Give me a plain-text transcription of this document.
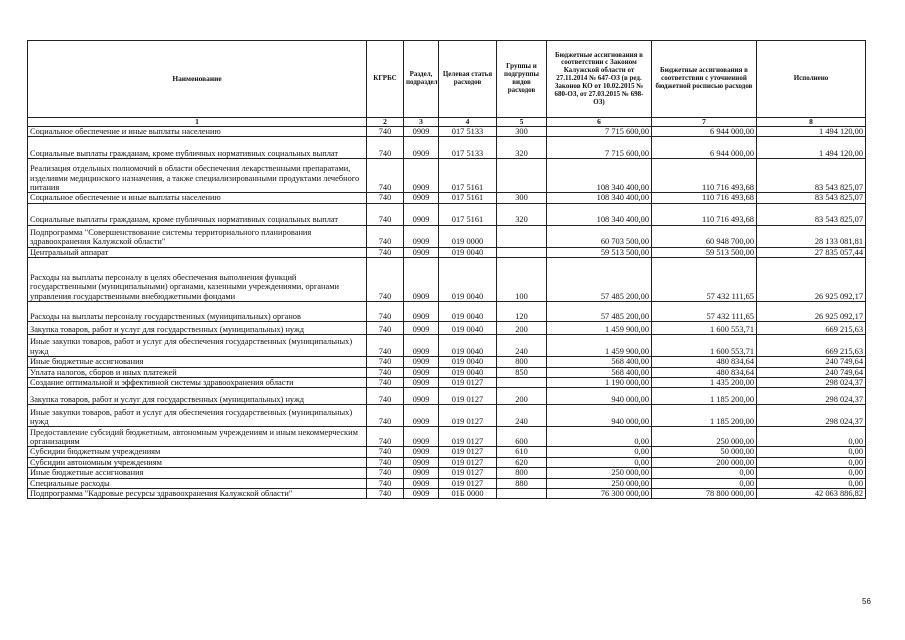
Наименование	КГРБС	Раздел, подраздел	Целевая статья расходов	Группы и подгруппы видов расходов	Бюджетные ассигнования в соответствии с Законом Калужской области от 27.11.2014 № 647-ОЗ (в ред. Законов КО от 10.02.2015 № 680-ОЗ, от 27.03.2015 № 698-ОЗ)	Бюджетные ассигнования в соответствии с уточненной бюджетной росписью расходов	Исполнено
1	2	3	4	5	6	7	8
Социальное обеспечение и иные выплаты населению	740	0909	017 5133	300	7 715 600,00	6 944 000,00	1 494 120,00
Социальные выплаты гражданам, кроме публичных нормативных социальных выплат	740	0909	017 5133	320	7 715 600,00	6 944 000,00	1 494 120,00
Реализация отдельных полномочий в области обеспечения лекарственными препаратами, изделиями медицинского назначения, а также специализированными продуктами лечебного питания	740	0909	017 5161		108 340 400,00	110 716 493,68	83 543 825,07
Социальное обеспечение и иные выплаты населению	740	0909	017 5161	300	108 340 400,00	110 716 493,68	83 543 825,07
Социальные выплаты гражданам, кроме публичных нормативных социальных выплат	740	0909	017 5161	320	108 340 400,00	110 716 493,68	83 543 825,07
Подпрограмма "Совершенствование системы территориального планирования здравоохранения Калужской области"	740	0909	019 0000		60 703 500,00	60 948 700,00	28 133 081,81
Центральный аппарат	740	0909	019 0040		59 513 500,00	59 513 500,00	27 835 057,44
Расходы на выплаты персоналу в целях обеспечения выполнения функций государственными (муниципальными) органами, казенными учреждениями, органами управления государственными внебюджетными фондами	740	0909	019 0040	100	57 485 200,00	57 432 111,65	26 925 092,17
Расходы на выплаты персоналу государственных (муниципальных) органов	740	0909	019 0040	120	57 485 200,00	57 432 111,65	26 925 092,17
Закупка товаров, работ и услуг для государственных (муниципальных) нужд	740	0909	019 0040	200	1 459 900,00	1 600 553,71	669 215,63
Иные закупки товаров, работ и услуг для обеспечения государственных (муниципальных) нужд	740	0909	019 0040	240	1 459 900,00	1 600 553,71	669 215,63
Иные бюджетные ассигнования	740	0909	019 0040	800	568 400,00	480 834,64	240 749,64
Уплата налогов, сборов и иных платежей	740	0909	019 0040	850	568 400,00	480 834,64	240 749,64
Создание оптимальной и эффективной системы здравоохранения области	740	0909	019 0127		1 190 000,00	1 435 200,00	298 024,37
Закупка товаров, работ и услуг для государственных (муниципальных) нужд	740	0909	019 0127	200	940 000,00	1 185 200,00	298 024,37
Иные закупки товаров, работ и услуг для обеспечения государственных (муниципальных) нужд	740	0909	019 0127	240	940 000,00	1 185 200,00	298 024,37
Предоставление субсидий бюджетным, автономным учреждениям и иным некоммерческим организациям	740	0909	019 0127	600	0,00	250 000,00	0,00
Субсидии бюджетным учреждениям	740	0909	019 0127	610	0,00	50 000,00	0,00
Субсидии автономным учреждениям	740	0909	019 0127	620	0,00	200 000,00	0,00
Иные бюджетные ассигнования	740	0909	019 0127	800	250 000,00	0,00	0,00
Специальные расходы	740	0909	019 0127	880	250 000,00	0,00	0,00
Подпрограмма "Кадровые ресурсы здравоохранения Калужской области"	740	0909	01Б 0000		76 300 000,00	78 800 000,00	42 063 886,82
56
